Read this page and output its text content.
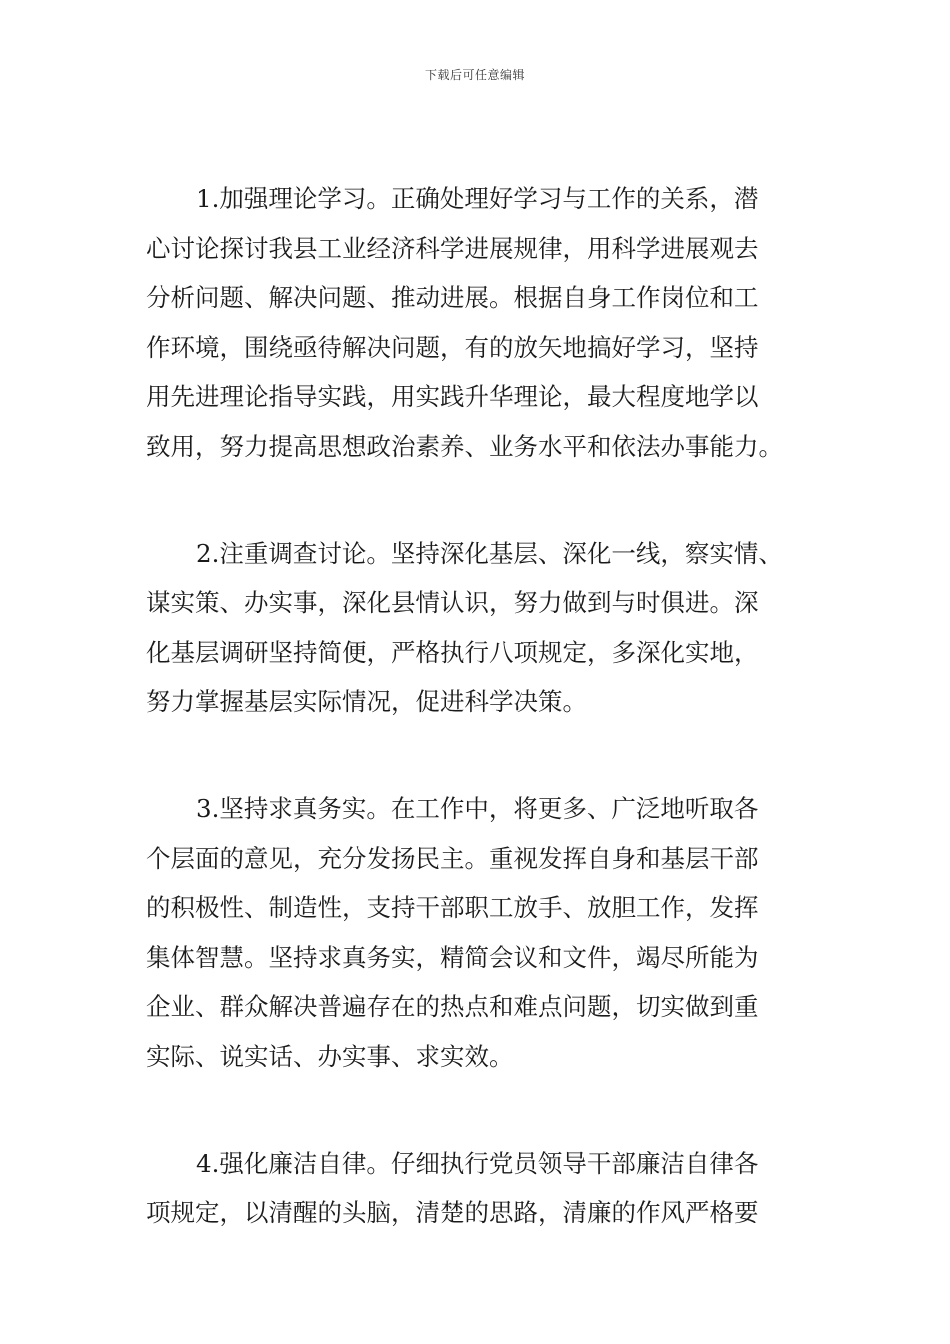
下载后可任意编辑
1.加强理论学习。正确处理好学习与工作的关系，潜
心讨论探讨我县工业经济科学进展规律，用科学进展观去
分析问题、解决问题、推动进展。根据自身工作岗位和工
作环境，围绕亟待解决问题，有的放矢地搞好学习，坚持
用先进理论指导实践，用实践升华理论，最大程度地学以
致用，努力提高思想政治素养、业务水平和依法办事能力。
2.注重调查讨论。坚持深化基层、深化一线，察实情、
谋实策、办实事，深化县情认识，努力做到与时俱进。深
化基层调研坚持简便，严格执行八项规定，多深化实地，
努力掌握基层实际情况，促进科学决策。
3.坚持求真务实。在工作中，将更多、广泛地听取各
个层面的意见，充分发扬民主。重视发挥自身和基层干部
的积极性、制造性，支持干部职工放手、放胆工作，发挥
集体智慧。坚持求真务实，精简会议和文件，竭尽所能为
企业、群众解决普遍存在的热点和难点问题，切实做到重
实际、说实话、办实事、求实效。
4.强化廉洁自律。仔细执行党员领导干部廉洁自律各
项规定，以清醒的头脑，清楚的思路，清廉的作风严格要
